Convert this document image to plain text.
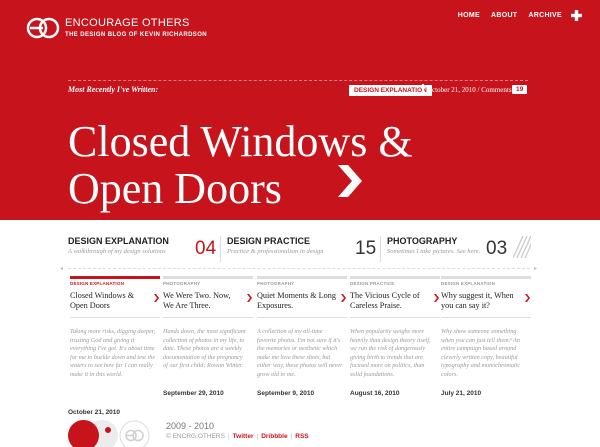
ENCOURAGE OTHERS
THE DESIGN BLOG OF KEVIN RICHARDSON
HOME ABOUT ARCHIVE
Most Recently I've Written:	DESIGN EXPLANATION October 21, 2010 / Comments 19
Closed Windows & Open Doors
DESIGN EXPLANATION
A walkthrough of my design solutions 04 DESIGN PRACTICE
Practice & professionalism in design 15 PHOTOGRAPHY
Sometimes I take pictures. See here. 03
◂	▸
DESIGN EXPLANATION
Closed Windows & Open Doors
Taking more risks, digging deeper, trusting God and giving it everything I've got. It's about time for me to buckle down and test the waters to see how far I can really make it in this world.
PHOTOGRAPHY
We Were Two. Now, We Are Three.
Hands down, the most significant collection of photos in my life, to date. These photos are a weekly documentation of the pregnancy of our first child; Rowan Winter.
September 29, 2010
PHOTOGRAPHY
Quiet Moments & Long Exposures.
A collection of my all-time favorite photos. I'm not sure if it's the memories or aesthetic which make me love these shots, but either way, these photos will never grow old to me.
September 9, 2010
DESIGN PRACTICE
The Vicious Cycle of Careless Praise.
When popularity weighs more heavily than design theory itself, we run the risk of dangerously giving birth to trends that are focused more on politics, than solid foundations.
August 16, 2010
DESIGN EXPLANATION
Why suggest it, When you can say it?
Why show someone something when you can just tell them? An entire campaign based around cleverly written copy, beautiful typography and monochromatic colors.
July 21, 2010
October 21, 2010
2009 - 2010
© ENCRG.OTHERS | Twitter | Dribbble | RSS
